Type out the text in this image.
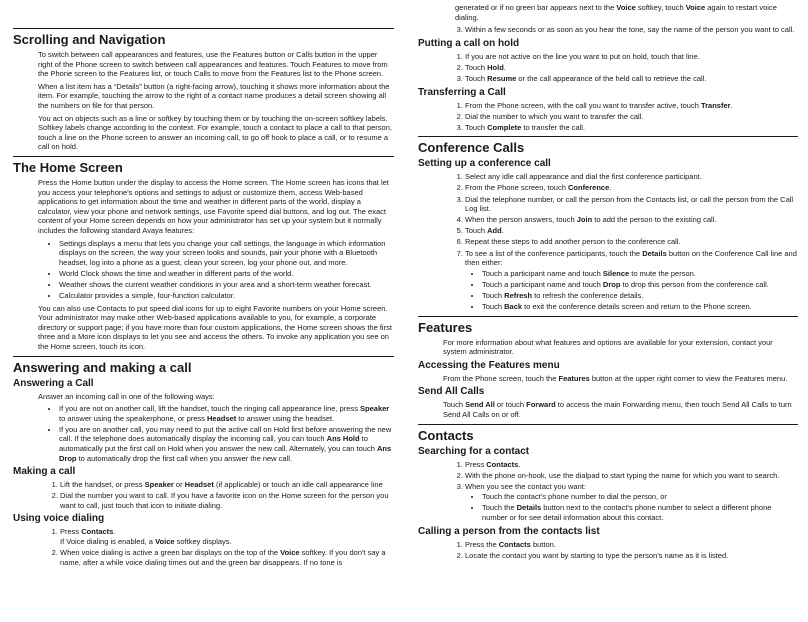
Scrolling and Navigation

To switch between call appearances and features, use the Features button or Calls button in the upper right of the Phone screen to switch between call appearances and features. Touch Features to move from the Phone screen to the Features list, or touch Calls to move from the Features list to the Phone screen.

When a list item has a “Details” button (a right-facing arrow), touching it shows more information about the item. For example, touching the arrow to the right of a contact name produces a detail screen showing all the numbers on file for that person.

You act on objects such as a line or softkey by touching them or by touching the on-screen softkey labels. Softkey labels change according to the context. For example, touch a contact to place a call to that person, touch a line on the Phone screen to answer an incoming call, to go off hook to place a call, or to resume a call on hold.

The Home Screen

Press the Home button under the display to access the Home screen. The Home screen has icons that let you access your telephone's options and settings to adjust or customize them, access Web-based applications to get information about the time and weather in different parts of the world, display a calculator, view your phone and network settings, use Favorite speed dial buttons, and log out. The exact content of your Home screen depends on how your administrator has set up your system but it normally includes the following standard Avaya features:

• Settings displays a menu that lets you change your call settings, the language in which information displays on the screen, the way your screen looks and sounds, pair your phone with a Bluetooth headset, log into a phone as a guest, clean your screen, log your phone out, and more.
• World Clock shows the time and weather in different parts of the world.
• Weather shows the current weather conditions in your area and a short-term weather forecast.
• Calculator provides a simple, four-function calculator.

You can also use Contacts to put speed dial icons for up to eight Favorite numbers on your Home screen. Your administrator may make other Web-based applications available to you, for example, a corporate directory or support page; if you have more than four custom applications, the Home screen shows the first three and a More icon displays to let you see and access the others. To invoke any application you see on the Home screen, touch its icon.

Answering and making a call
Answering a Call

Answer an incoming call in one of the following ways:

• If you are not on another call, lift the handset, touch the ringing call appearance line, press Speaker to answer using the speakerphone, or press Headset to answer using the headset.
• If you are on another call, you may need to put the active call on Hold first before answering the new call. If the telephone does automatically display the incoming call, you can touch Ans Hold to automatically put the first call on Hold when you answer the new call. Alternately, you can touch Ans Drop to automatically drop the first call when you answer the new call.
Making a call
1. Lift the handset, or press Speaker or Headset (if applicable) or touch an idle call appearance line
2. Dial the number you want to call. If you have a favorite icon on the Home screen for the person you want to call, just touch that icon to initiate dialing.
Using voice dialing
1. Press Contacts.
If Voice dialing is enabled, a Voice softkey displays.
2. When voice dialing is active a green bar displays on the top of the Voice softkey. If you don't say a name, after a while voice dialing times out and the green bar disappears. If no tone is

generated or if no green bar appears next to the Voice softkey, touch Voice again to restart voice dialing.

3. Within a few seconds or as soon as you hear the tone, say the name of the person you want to call.
Putting a call on hold
1. If you are not active on the line you want to put on hold, touch that line.
2. Touch Hold.
3. Touch Resume or the call appearance of the held call to retrieve the call.
Transferring a Call
1. From the Phone screen, with the call you want to transfer active, touch Transfer.
2. Dial the number to which you want to transfer the call.
3. Touch Complete to transfer the call.
Conference Calls
Setting up a conference call
1. Select any idle call appearance and dial the first conference participant.
2. From the Phone screen, touch Conference.
3. Dial the telephone number, or call the person from the Contacts list, or call the person from the Call Log list.
4. When the person answers, touch Join to add the person to the existing call.
5. Touch Add.
6. Repeat these steps to add another person to the conference call.
7. To see a list of the conference participants, touch the Details button on the Conference Call line and then either:
• Touch a participant name and touch Silence to mute the person.
• Touch a participant name and touch Drop to drop this person from the conference call.
• Touch Refresh to refresh the conference details.
• Touch Back to exit the conference details screen and return to the Phone screen.
Features

For more information about what features and options are available for your extension, contact your system administrator.

Accessing the Features menu

From the Phone screen, touch the Features button at the upper right corner to view the Features menu.

Send All Calls

Touch Send All or touch Forward to access the main Forwarding menu, then touch Send All Calls to turn Send All Calls on or off.

Contacts
Searching for a contact
1. Press Contacts.
2. With the phone on-hook, use the dialpad to start typing the name for which you want to search.
3. When you see the contact you want:
• Touch the contact's phone number to dial the person, or
• Touch the Details button next to the contact's phone number to select a different phone number or for see detail information about this contact.
Calling a person from the contacts list
1. Press the Contacts button.
2. Locate the contact you want by starting to type the person's name as it is listed.
